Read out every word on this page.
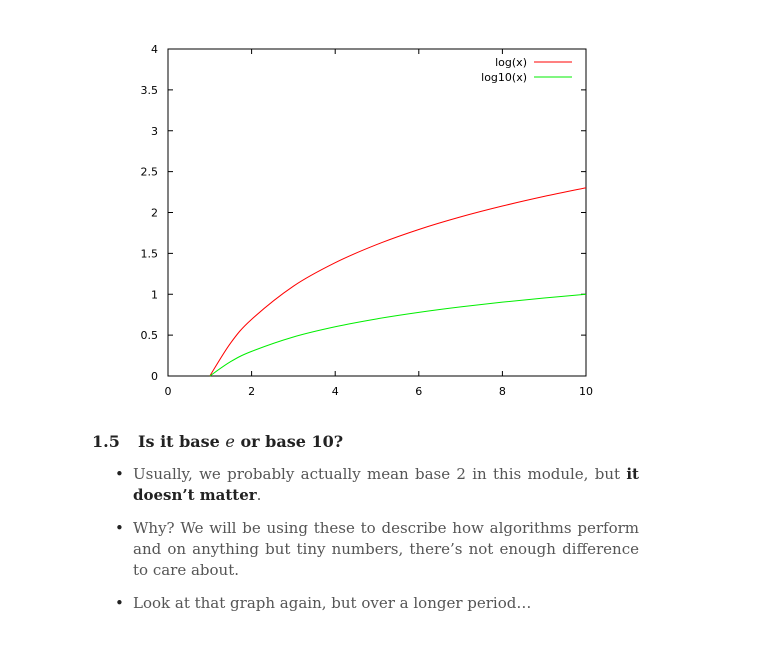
0	2	4	6	8	10
0
0.5
1
1.5
2
2.5
3
3.5
4
log(x)
log10(x)
1.5 Is it base e or base 10?
• Usually, we probably actually mean base 2 in this module, but it doesn’t matter.
• Why? We will be using these to describe how algorithms perform and on anything but tiny numbers, there’s not enough difference to care about.
• Look at that graph again, but over a longer period…
